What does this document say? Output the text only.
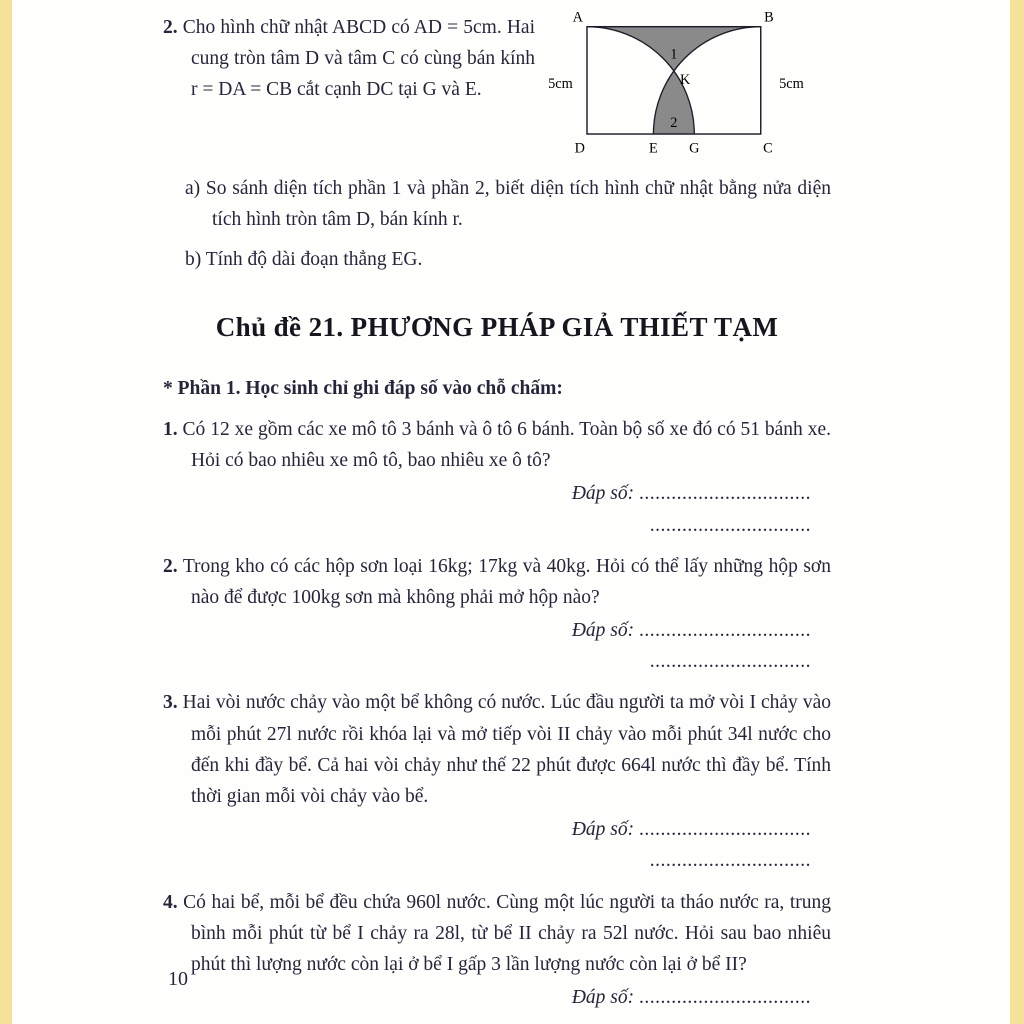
2. Cho hình chữ nhật ABCD có AD = 5cm. Hai cung tròn tâm D và tâm C có cùng bán kính r = DA = CB cắt cạnh DC tại G và E.
A	B
D	C
E G
K
1
2
5cm	5cm
a) So sánh diện tích phần 1 và phần 2, biết diện tích hình chữ nhật bằng nửa diện tích hình tròn tâm D, bán kính r.
b) Tính độ dài đoạn thẳng EG.
Chủ đề 21. PHƯƠNG PHÁP GIẢ THIẾT TẠM
* Phần 1. Học sinh chỉ ghi đáp số vào chỗ chấm:
1. Có 12 xe gồm các xe mô tô 3 bánh và ô tô 6 bánh. Toàn bộ số xe đó có 51 bánh xe. Hỏi có bao nhiêu xe mô tô, bao nhiêu xe ô tô?
Đáp số: ................................
..............................
2. Trong kho có các hộp sơn loại 16kg; 17kg và 40kg. Hỏi có thể lấy những hộp sơn nào để được 100kg sơn mà không phải mở hộp nào?
Đáp số: ................................
..............................
3. Hai vòi nước chảy vào một bể không có nước. Lúc đầu người ta mở vòi I chảy vào mỗi phút 27l nước rồi khóa lại và mở tiếp vòi II chảy vào mỗi phút 34l nước cho đến khi đầy bể. Cả hai vòi chảy như thế 22 phút được 664l nước thì đầy bể. Tính thời gian mỗi vòi chảy vào bể.
Đáp số: ................................
..............................
4. Có hai bể, mỗi bể đều chứa 960l nước. Cùng một lúc người ta tháo nước ra, trung bình mỗi phút từ bể I chảy ra 28l, từ bể II chảy ra 52l nước. Hỏi sau bao nhiêu phút thì lượng nước còn lại ở bể I gấp 3 lần lượng nước còn lại ở bể II?
Đáp số: ................................
10
